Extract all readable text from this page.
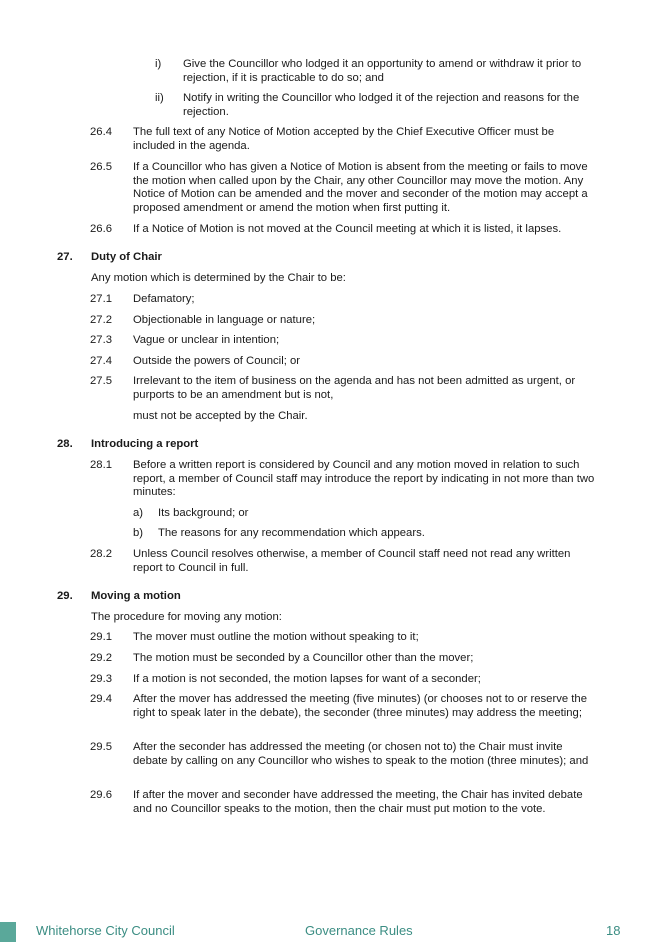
i) Give the Councillor who lodged it an opportunity to amend or withdraw it prior to rejection, if it is practicable to do so; and
ii) Notify in writing the Councillor who lodged it of the rejection and reasons for the rejection.
26.4	The full text of any Notice of Motion accepted by the Chief Executive Officer must be included in the agenda.
26.5	If a Councillor who has given a Notice of Motion is absent from the meeting or fails to move the motion when called upon by the Chair, any other Councillor may move the motion. Any Notice of Motion can be amended and the mover and seconder of the motion may accept a proposed amendment or amend the motion when first putting it.
26.6	If a Notice of Motion is not moved at the Council meeting at which it is listed, it lapses.
27. Duty of Chair
Any motion which is determined by the Chair to be:
27.1	Defamatory;
27.2	Objectionable in language or nature;
27.3	Vague or unclear in intention;
27.4	Outside the powers of Council; or
27.5	Irrelevant to the item of business on the agenda and has not been admitted as urgent, or purports to be an amendment but is not,
must not be accepted by the Chair.
28. Introducing a report
28.1	Before a written report is considered by Council and any motion moved in relation to such report, a member of Council staff may introduce the report by indicating in not more than two minutes:
a) Its background; or
b) The reasons for any recommendation which appears.
28.2	Unless Council resolves otherwise, a member of Council staff need not read any written report to Council in full.
29. Moving a motion
The procedure for moving any motion:
29.1	The mover must outline the motion without speaking to it;
29.2	The motion must be seconded by a Councillor other than the mover;
29.3	If a motion is not seconded, the motion lapses for want of a seconder;
29.4	After the mover has addressed the meeting (five minutes) (or chooses not to or reserve the right to speak later in the debate), the seconder (three minutes) may address the meeting;
29.5	After the seconder has addressed the meeting (or chosen not to) the Chair must invite debate by calling on any Councillor who wishes to speak to the motion (three minutes); and
29.6	If after the mover and seconder have addressed the meeting, the Chair has invited debate and no Councillor speaks to the motion, then the chair must put motion to the vote.
Whitehorse City Council	Governance Rules	18
